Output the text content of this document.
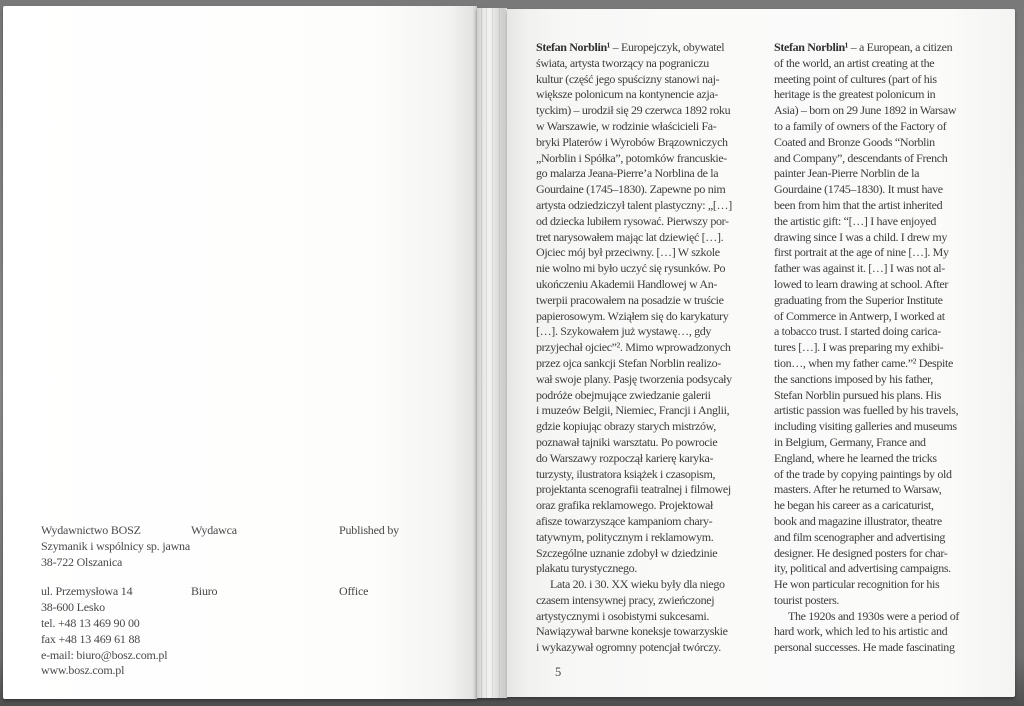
Wydawnictwo BOSZ
Szymanik i wspólnicy sp. jawna
38-722 Olszanica
Wydawca	Published by
ul. Przemysłowa 14
38-600 Lesko
tel. +48 13 469 90 00
fax +48 13 469 61 88
e-mail: biuro@bosz.com.pl
www.bosz.com.pl
Biuro	Office
Stefan Norblin¹ – Europejczyk, obywatel
świata, artysta tworzący na pograniczu
kultur (część jego spuścizny stanowi naj-
większe polonicum na kontynencie azja-
tyckim) – urodził się 29 czerwca 1892 roku
w Warszawie, w rodzinie właścicieli Fa-
bryki Platerów i Wyrobów Brązowniczych
„Norblin i Spółka”, potomków francuskie-
go malarza Jeana-Pierre’a Norblina de la
Gourdaine (1745–1830). Zapewne po nim
artysta odziedziczył talent plastyczny: „[…]
od dziecka lubiłem rysować. Pierwszy por-
tret narysowałem mając lat dziewięć […].
Ojciec mój był przeciwny. […] W szkole
nie wolno mi było uczyć się rysunków. Po
ukończeniu Akademii Handlowej w An-
twerpii pracowałem na posadzie w truście
papierosowym. Wziąłem się do karykatury
[…]. Szykowałem już wystawę…, gdy
przyjechał ojciec”². Mimo wprowadzonych
przez ojca sankcji Stefan Norblin realizo-
wał swoje plany. Pasję tworzenia podsycały
podróże obejmujące zwiedzanie galerii
i muzeów Belgii, Niemiec, Francji i Anglii,
gdzie kopiując obrazy starych mistrzów,
poznawał tajniki warsztatu. Po powrocie
do Warszawy rozpoczął karierę karyka-
turzysty, ilustratora książek i czasopism,
projektanta scenografii teatralnej i filmowej
oraz grafika reklamowego. Projektował
afisze towarzyszące kampaniom chary-
tatywnym, politycznym i reklamowym.
Szczególne uznanie zdobył w dziedzinie
plakatu turystycznego.
Lata 20. i 30. XX wieku były dla niego
czasem intensywnej pracy, zwieńczonej
artystycznymi i osobistymi sukcesami.
Nawiązywał barwne koneksje towarzyskie
i wykazywał ogromny potencjał twórczy.
Stefan Norblin¹ – a European, a citizen
of the world, an artist creating at the
meeting point of cultures (part of his
heritage is the greatest polonicum in
Asia) – born on 29 June 1892 in Warsaw
to a family of owners of the Factory of
Coated and Bronze Goods “Norblin
and Company”, descendants of French
painter Jean-Pierre Norblin de la
Gourdaine (1745–1830). It must have
been from him that the artist inherited
the artistic gift: “[…] I have enjoyed
drawing since I was a child. I drew my
first portrait at the age of nine […]. My
father was against it. […] I was not al-
lowed to learn drawing at school. After
graduating from the Superior Institute
of Commerce in Antwerp, I worked at
a tobacco trust. I started doing carica-
tures […]. I was preparing my exhibi-
tion…, when my father came.”² Despite
the sanctions imposed by his father,
Stefan Norblin pursued his plans. His
artistic passion was fuelled by his travels,
including visiting galleries and museums
in Belgium, Germany, France and
England, where he learned the tricks
of the trade by copying paintings by old
masters. After he returned to Warsaw,
he began his career as a caricaturist,
book and magazine illustrator, theatre
and film scenographer and advertising
designer. He designed posters for char-
ity, political and advertising campaigns.
He won particular recognition for his
tourist posters.
The 1920s and 1930s were a period of
hard work, which led to his artistic and
personal successes. He made fascinating
5
